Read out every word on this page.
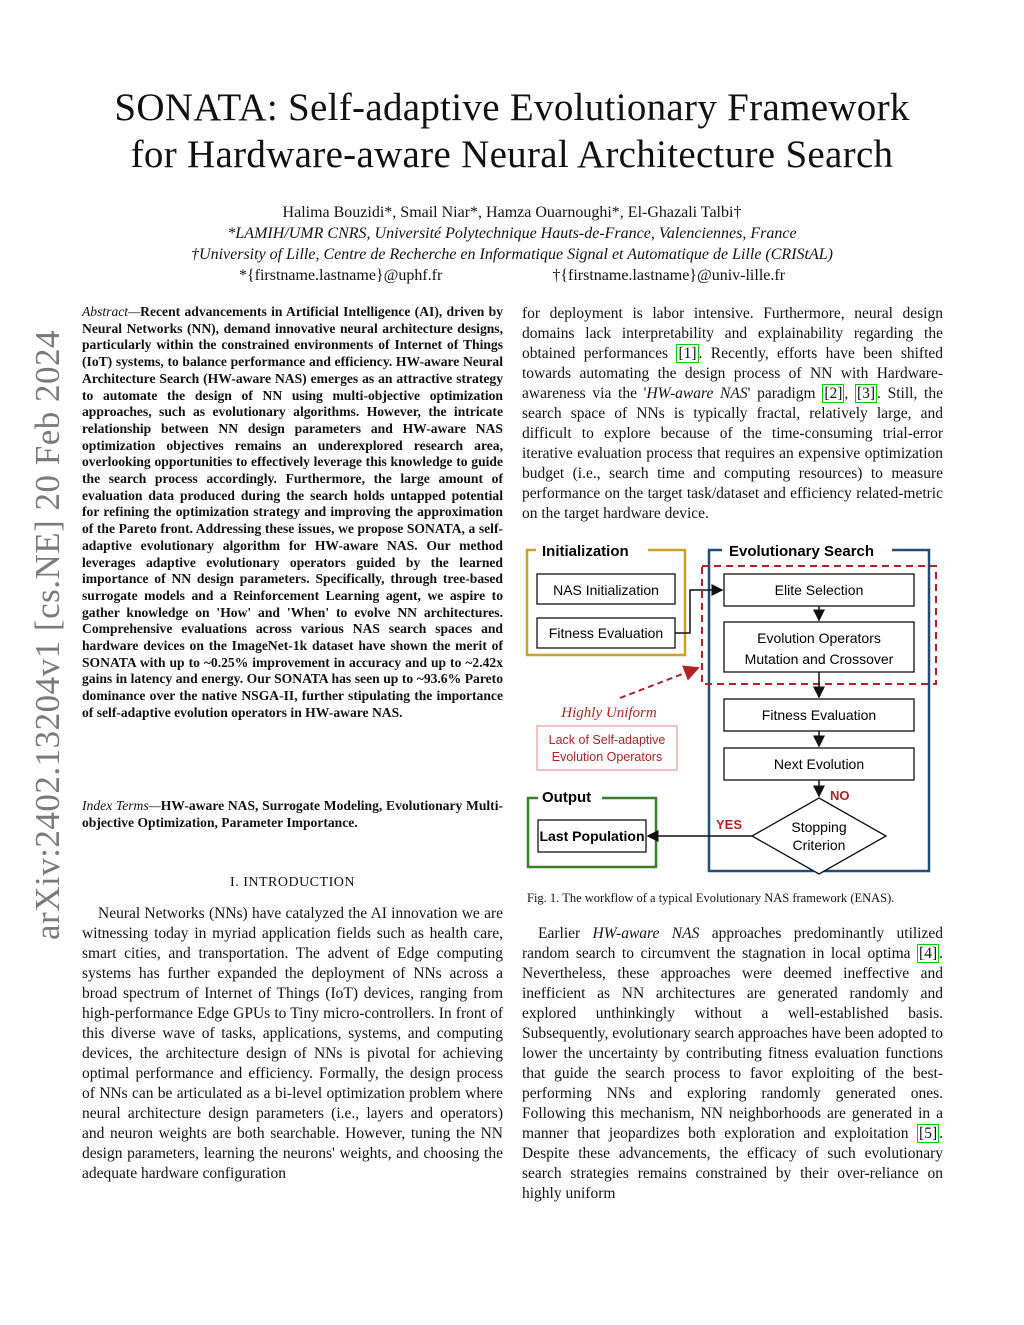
arXiv:2402.13204v1 [cs.NE] 20 Feb 2024
SONATA: Self-adaptive Evolutionary Framework
for Hardware-aware Neural Architecture Search
Halima Bouzidi*, Smail Niar*, Hamza Ouarnoughi*, El-Ghazali Talbi†
*LAMIH/UMR CNRS, Université Polytechnique Hauts-de-France, Valenciennes, France
†University of Lille, Centre de Recherche en Informatique Signal et Automatique de Lille (CRIStAL)
*{firstname.lastname}@uphf.fr	†{firstname.lastname}@univ-lille.fr

Abstract—Recent advancements in Artificial Intelligence (AI), driven by Neural Networks (NN), demand innovative neural architecture designs, particularly within the constrained environments of Internet of Things (IoT) systems, to balance performance and efficiency. HW-aware Neural Architecture Search (HW-aware NAS) emerges as an attractive strategy to automate the design of NN using multi-objective optimization approaches, such as evolutionary algorithms. However, the intricate relationship between NN design parameters and HW-aware NAS optimization objectives remains an underexplored research area, overlooking opportunities to effectively leverage this knowledge to guide the search process accordingly. Furthermore, the large amount of evaluation data produced during the search holds untapped potential for refining the optimization strategy and improving the approximation of the Pareto front. Addressing these issues, we propose SONATA, a self-adaptive evolutionary algorithm for HW-aware NAS. Our method leverages adaptive evolutionary operators guided by the learned importance of NN design parameters. Specifically, through tree-based surrogate models and a Reinforcement Learning agent, we aspire to gather knowledge on 'How' and 'When' to evolve NN architectures. Comprehensive evaluations across various NAS search spaces and hardware devices on the ImageNet-1k dataset have shown the merit of SONATA with up to ~0.25% improvement in accuracy and up to ~2.42x gains in latency and energy. Our SONATA has seen up to ~93.6% Pareto dominance over the native NSGA-II, further stipulating the importance of self-adaptive evolution operators in HW-aware NAS.

Index Terms—HW-aware NAS, Surrogate Modeling, Evolutionary Multi-objective Optimization, Parameter Importance.

I. INTRODUCTION

Neural Networks (NNs) have catalyzed the AI innovation we are witnessing today in myriad application fields such as health care, smart cities, and transportation. The advent of Edge computing systems has further expanded the deployment of NNs across a broad spectrum of Internet of Things (IoT) devices, ranging from high-performance Edge GPUs to Tiny micro-controllers. In front of this diverse wave of tasks, applications, systems, and computing devices, the architecture design of NNs is pivotal for achieving optimal performance and efficiency. Formally, the design process of NNs can be articulated as a bi-level optimization problem where neural architecture design parameters (i.e., layers and operators) and neuron weights are both searchable. However, tuning the NN design parameters, learning the neurons' weights, and choosing the adequate hardware configuration

for deployment is labor intensive. Furthermore, neural design domains lack interpretability and explainability regarding the obtained performances [1] . Recently, efforts have been shifted towards automating the design process of NN with Hardware-awareness via the 'HW-aware NAS' paradigm [2] , [3] . Still, the search space of NNs is typically fractal, relatively large, and difficult to explore because of the time-consuming trial-error iterative evaluation process that requires an expensive optimization budget (i.e., search time and computing resources) to measure performance on the target task/dataset and efficiency related-metric on the target hardware device.

Initialization
NAS Initialization
Fitness Evaluation
Evolutionary Search
Elite Selection
Evolution Operators
Mutation and Crossover
Fitness Evaluation
Next Evolution
Stopping
Criterion
NO
YES
Output
Last Population
Highly Uniform
Lack of Self-adaptive
Evolution Operators
Fig. 1. The workflow of a typical Evolutionary NAS framework (ENAS).

Earlier HW-aware NAS approaches predominantly utilized random search to circumvent the stagnation in local optima [4] . Nevertheless, these approaches were deemed ineffective and inefficient as NN architectures are generated randomly and explored unthinkingly without a well-established basis. Subsequently, evolutionary search approaches have been adopted to lower the uncertainty by contributing fitness evaluation functions that guide the search process to favor exploiting of the best-performing NNs and exploring randomly generated ones. Following this mechanism, NN neighborhoods are generated in a manner that jeopardizes both exploration and exploitation [5] . Despite these advancements, the efficacy of such evolutionary search strategies remains constrained by their over-reliance on highly uniform
